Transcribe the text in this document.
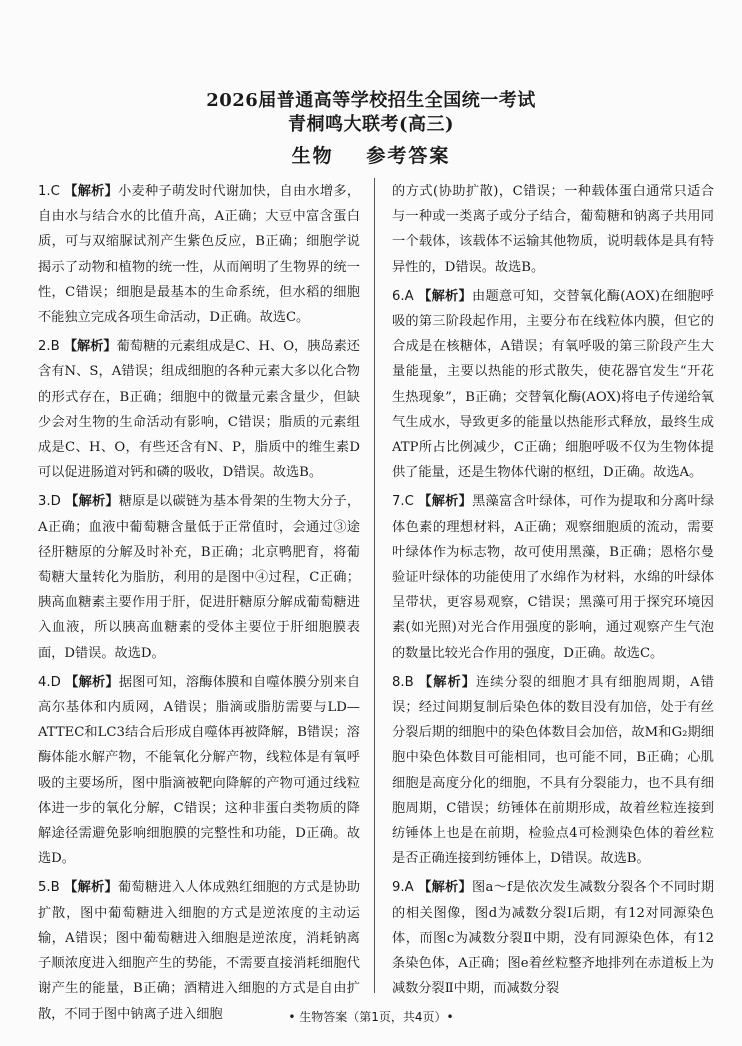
2026届普通高等学校招生全国统一考试
青桐鸣大联考(高三)
生物 参考答案
1.C 【解析】小麦种子萌发时代谢加快，自由水增多，自由水与结合水的比值升高，A正确；大豆中富含蛋白质，可与双缩脲试剂产生紫色反应，B正确；细胞学说揭示了动物和植物的统一性，从而阐明了生物界的统一性，C错误；细胞是最基本的生命系统，但水稻的细胞不能独立完成各项生命活动，D正确。故选C。
2.B 【解析】葡萄糖的元素组成是C、H、O，胰岛素还含有N、S，A错误；组成细胞的各种元素大多以化合物的形式存在，B正确；细胞中的微量元素含量少，但缺少会对生物的生命活动有影响，C错误；脂质的元素组成是C、H、O，有些还含有N、P，脂质中的维生素D可以促进肠道对钙和磷的吸收，D错误。故选B。
3.D 【解析】糖原是以碳链为基本骨架的生物大分子，A正确；血液中葡萄糖含量低于正常值时，会通过③途径肝糖原的分解及时补充，B正确；北京鸭肥育，将葡萄糖大量转化为脂肪，利用的是图中④过程，C正确；胰高血糖素主要作用于肝，促进肝糖原分解成葡萄糖进入血液，所以胰高血糖素的受体主要位于肝细胞膜表面，D错误。故选D。
4.D 【解析】据图可知，溶酶体膜和自噬体膜分别来自高尔基体和内质网，A错误；脂滴或脂肪需要与LD—ATTEC和LC3结合后形成自噬体再被降解，B错误；溶酶体能水解产物，不能氧化分解产物，线粒体是有氧呼吸的主要场所，图中脂滴被靶向降解的产物可通过线粒体进一步的氧化分解，C错误；这种非蛋白类物质的降解途径需避免影响细胞膜的完整性和功能，D正确。故选D。
5.B 【解析】葡萄糖进入人体成熟红细胞的方式是协助扩散，图中葡萄糖进入细胞的方式是逆浓度的主动运输，A错误；图中葡萄糖进入细胞是逆浓度，消耗钠离子顺浓度进入细胞产生的势能，不需要直接消耗细胞代谢产生的能量，B正确；酒精进入细胞的方式是自由扩散，不同于图中钠离子进入细胞
的方式(协助扩散)，C错误；一种载体蛋白通常只适合与一种或一类离子或分子结合，葡萄糖和钠离子共用同一个载体，该载体不运输其他物质，说明载体是具有特异性的，D错误。故选B。
6.A 【解析】由题意可知，交替氧化酶(AOX)在细胞呼吸的第三阶段起作用，主要分布在线粒体内膜，但它的合成是在核糖体，A错误；有氧呼吸的第三阶段产生大量能量，主要以热能的形式散失，使花器官发生“开花生热现象”，B正确；交替氧化酶(AOX)将电子传递给氧气生成水，导致更多的能量以热能形式释放，最终生成ATP所占比例减少，C正确；细胞呼吸不仅为生物体提供了能量，还是生物体代谢的枢纽，D正确。故选A。
7.C 【解析】黑藻富含叶绿体，可作为提取和分离叶绿体色素的理想材料，A正确；观察细胞质的流动，需要叶绿体作为标志物，故可使用黑藻，B正确；恩格尔曼验证叶绿体的功能使用了水绵作为材料，水绵的叶绿体呈带状，更容易观察，C错误；黑藻可用于探究环境因素(如光照)对光合作用强度的影响，通过观察产生气泡的数量比较光合作用的强度，D正确。故选C。
8.B 【解析】连续分裂的细胞才具有细胞周期，A错误；经过间期复制后染色体的数目没有加倍，处于有丝分裂后期的细胞中的染色体数目会加倍，故M和G₂期细胞中染色体数目可能相同，也可能不同，B正确；心肌细胞是高度分化的细胞，不具有分裂能力，也不具有细胞周期，C错误；纺锤体在前期形成，故着丝粒连接到纺锤体上也是在前期，检验点4可检测染色体的着丝粒是否正确连接到纺锤体上，D错误。故选B。
9.A 【解析】图a～f是依次发生减数分裂各个不同时期的相关图像，图d为减数分裂Ⅰ后期，有12对同源染色体，而图c为减数分裂Ⅱ中期，没有同源染色体，有12条染色体，A正确；图e着丝粒整齐地排列在赤道板上为减数分裂Ⅱ中期，而减数分裂
• 生物答案（第1页，共4页）•
